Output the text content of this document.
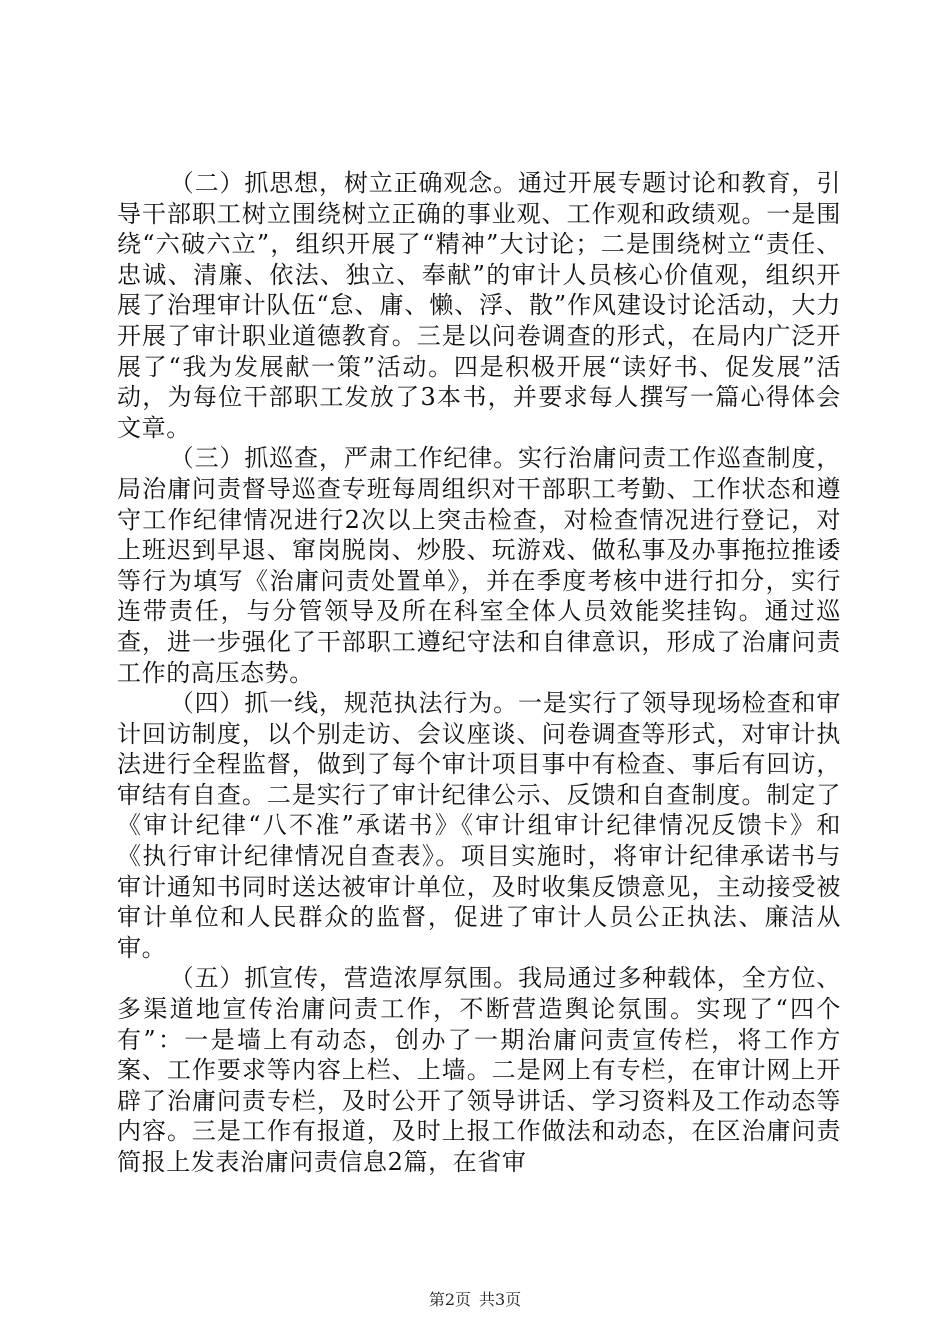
（二）抓思想，树立正确观念。通过开展专题讨论和教育，引导干部职工树立围绕树立正确的事业观、工作观和政绩观。一是围绕“六破六立”，组织开展了“精神”大讨论；二是围绕树立“责任、忠诚、清廉、依法、独立、奉献”的审计人员核心价值观，组织开展了治理审计队伍“怠、庸、懒、浮、散”作风建设讨论活动，大力开展了审计职业道德教育。三是以问卷调查的形式，在局内广泛开展了“我为发展献一策”活动。四是积极开展“读好书、促发展”活动，为每位干部职工发放了3本书，并要求每人撰写一篇心得体会文章。

（三）抓巡查，严肃工作纪律。实行治庸问责工作巡查制度，局治庸问责督导巡查专班每周组织对干部职工考勤、工作状态和遵守工作纪律情况进行2次以上突击检查，对检查情况进行登记，对上班迟到早退、窜岗脱岗、炒股、玩游戏、做私事及办事拖拉推诿等行为填写《治庸问责处置单》，并在季度考核中进行扣分，实行连带责任，与分管领导及所在科室全体人员效能奖挂钩。通过巡查，进一步强化了干部职工遵纪守法和自律意识，形成了治庸问责工作的高压态势。

（四）抓一线，规范执法行为。一是实行了领导现场检查和审计回访制度，以个别走访、会议座谈、问卷调查等形式，对审计执法进行全程监督，做到了每个审计项目事中有检查、事后有回访，审结有自查。二是实行了审计纪律公示、反馈和自查制度。制定了《审计纪律“八不准”承诺书》《审计组审计纪律情况反馈卡》和《执行审计纪律情况自查表》。项目实施时，将审计纪律承诺书与审计通知书同时送达被审计单位，及时收集反馈意见，主动接受被审计单位和人民群众的监督，促进了审计人员公正执法、廉洁从审。

（五）抓宣传，营造浓厚氛围。我局通过多种载体，全方位、多渠道地宣传治庸问责工作，不断营造舆论氛围。实现了“四个有”：一是墙上有动态，创办了一期治庸问责宣传栏，将工作方案、工作要求等内容上栏、上墙。二是网上有专栏，在审计网上开辟了治庸问责专栏，及时公开了领导讲话、学习资料及工作动态等内容。三是工作有报道，及时上报工作做法和动态，在区治庸问责简报上发表治庸问责信息2篇，在省审

第2页 共3页
